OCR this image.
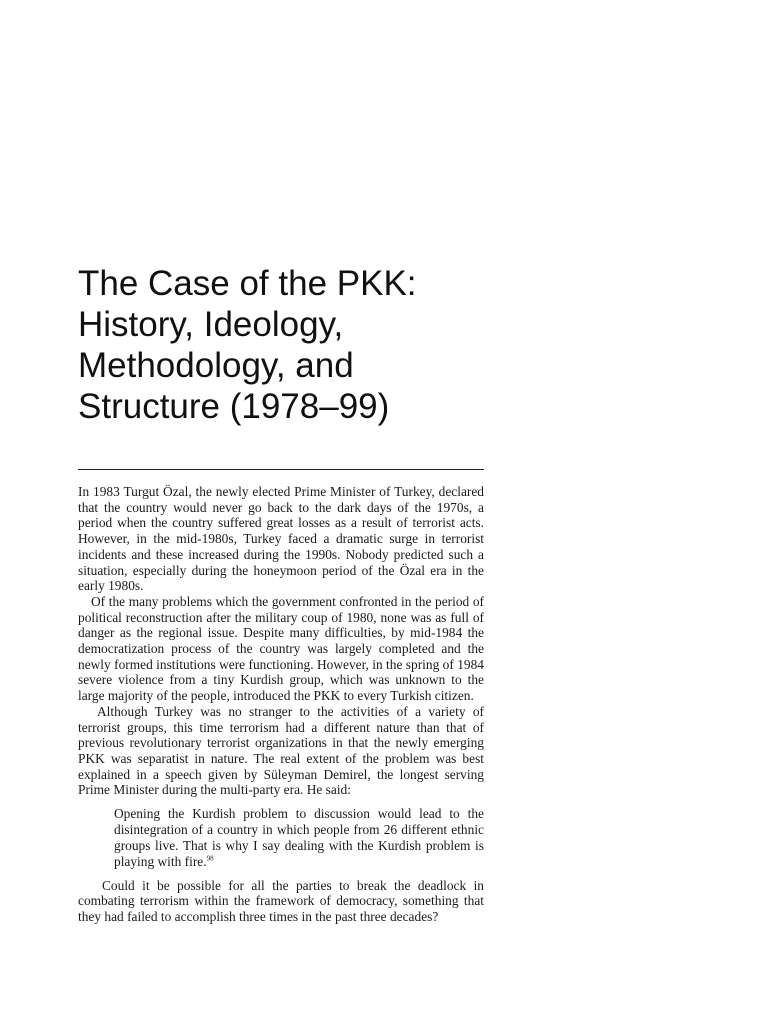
The Case of the PKK:
History, Ideology,
Methodology, and
Structure (1978–99)

In 1983 Turgut Özal, the newly elected Prime Minister of Turkey, declared that the country would never go back to the dark days of the 1970s, a period when the country suffered great losses as a result of terrorist acts. However, in the mid-1980s, Turkey faced a dramatic surge in terrorist incidents and these increased during the 1990s. Nobody predicted such a situation, especially during the honeymoon period of the Özal era in the early 1980s.

Of the many problems which the government confronted in the period of political reconstruction after the military coup of 1980, none was as full of danger as the regional issue. Despite many difficulties, by mid-1984 the democratization process of the country was largely completed and the newly formed institutions were functioning. However, in the spring of 1984 severe violence from a tiny Kurdish group, which was unknown to the large majority of the people, introduced the PKK to every Turkish citizen.

Although Turkey was no stranger to the activities of a variety of terrorist groups, this time terrorism had a different nature than that of previous revolutionary terrorist organizations in that the newly emerging PKK was separatist in nature. The real extent of the problem was best explained in a speech given by Süleyman Demirel, the longest serving Prime Minister during the multi-party era. He said:

Opening the Kurdish problem to discussion would lead to the disintegration of a country in which people from 26 different ethnic groups live. That is why I say dealing with the Kurdish problem is playing with fire.$^{98}$

Could it be possible for all the parties to break the deadlock in combating terrorism within the framework of democracy, something that they had failed to accomplish three times in the past three decades?
